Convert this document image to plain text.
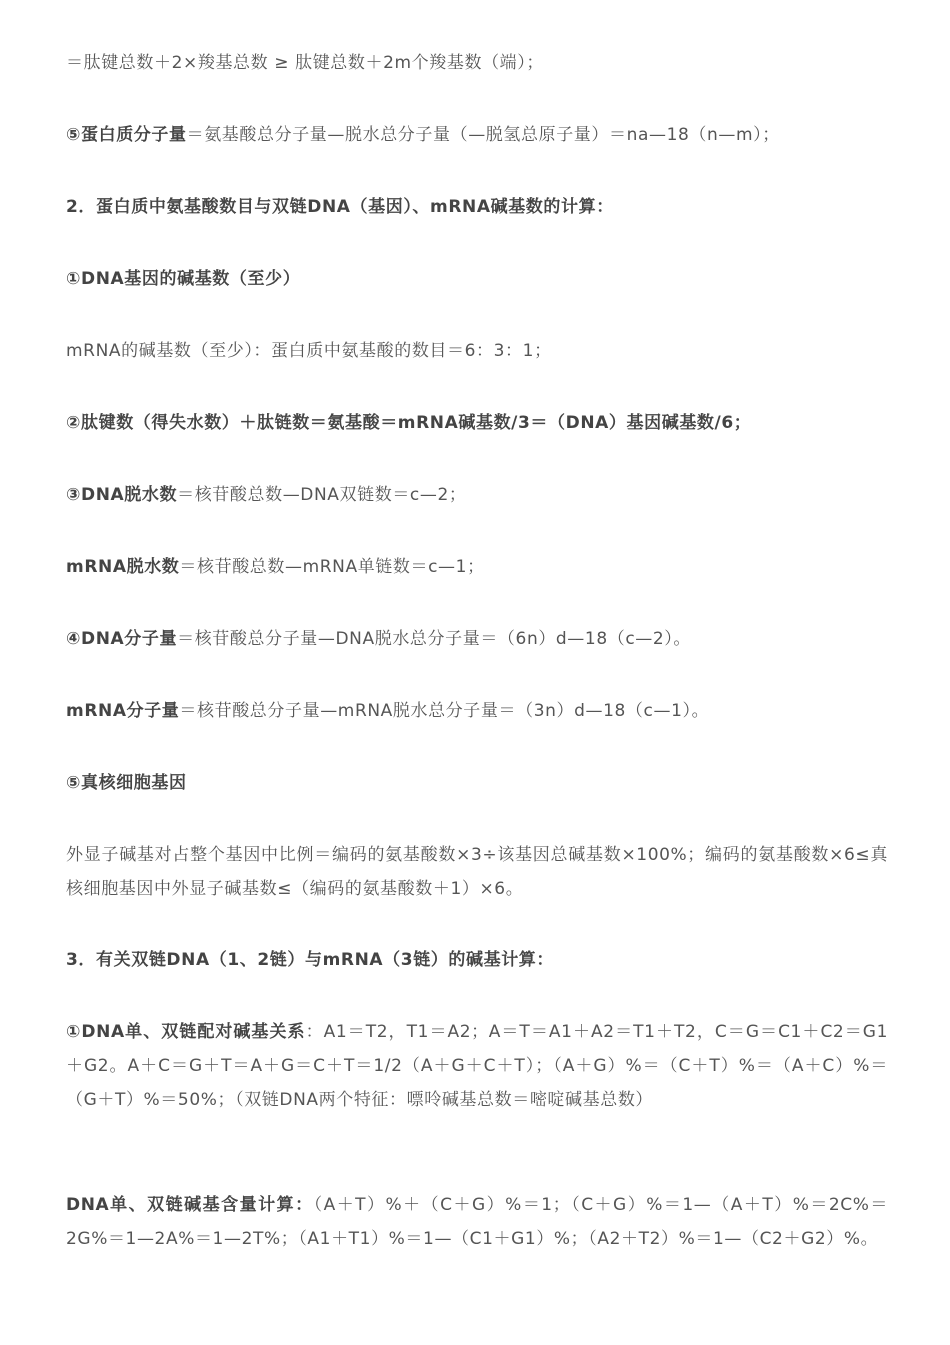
＝肽键总数＋2×羧基总数 ≥ 肽键总数＋2m个羧基数（端）；

⑤蛋白质分子量＝氨基酸总分子量—脱水总分子量（—脱氢总原子量）＝na—18（n—m）；

2．蛋白质中氨基酸数目与双链DNA（基因）、mRNA碱基数的计算：

①DNA基因的碱基数（至少）

mRNA的碱基数（至少）：蛋白质中氨基酸的数目＝6：3：1；

②肽键数（得失水数）＋肽链数＝氨基酸＝mRNA碱基数/3＝（DNA）基因碱基数/6；

③DNA脱水数＝核苷酸总数—DNA双链数＝c—2；

mRNA脱水数＝核苷酸总数—mRNA单链数＝c—1；

④DNA分子量＝核苷酸总分子量—DNA脱水总分子量＝（6n）d—18（c—2）。

mRNA分子量＝核苷酸总分子量—mRNA脱水总分子量＝（3n）d—18（c—1）。

⑤真核细胞基因

外显子碱基对占整个基因中比例＝编码的氨基酸数×3÷该基因总碱基数×100%；编码的氨基酸数×6≤真核细胞基因中外显子碱基数≤（编码的氨基酸数＋1）×6。

3．有关双链DNA（1、2链）与mRNA（3链）的碱基计算：

①DNA单、双链配对碱基关系：A1＝T2，T1＝A2；A＝T＝A1＋A2＝T1＋T2，C＝G＝C1＋C2＝G1＋G2。A＋C＝G＋T＝A＋G＝C＋T＝1/2（A＋G＋C＋T）；（A＋G）%＝（C＋T）%＝（A＋C）%＝（G＋T）%＝50%；（双链DNA两个特征：嘌呤碱基总数＝嘧啶碱基总数）

DNA单、双链碱基含量计算：（A＋T）%＋（C＋G）%＝1；（C＋G）%＝1—（A＋T）%＝2C%＝2G%＝1—2A%＝1—2T%；（A1＋T1）%＝1—（C1＋G1）%；（A2＋T2）%＝1—（C2＋G2）%。
